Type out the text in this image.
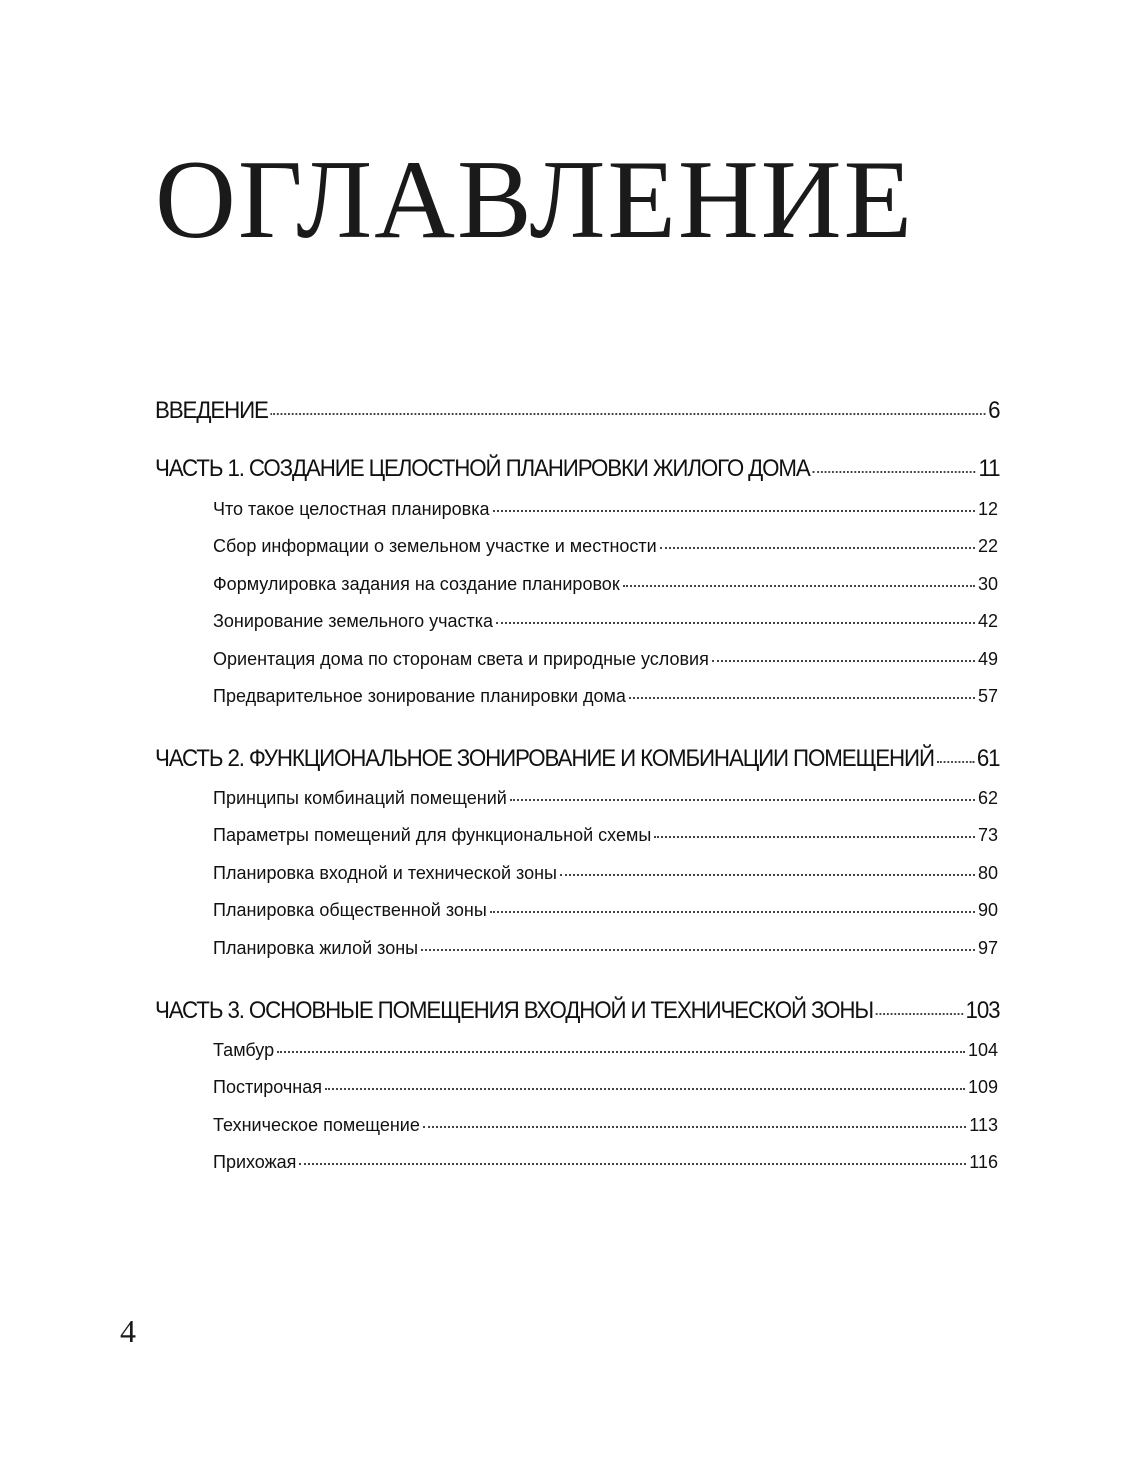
ОГЛАВЛЕНИЕ
ВВЕДЕНИЕ	6
ЧАСТЬ 1. СОЗДАНИЕ ЦЕЛОСТНОЙ ПЛАНИРОВКИ ЖИЛОГО ДОМА	11
Что такое целостная планировка	12
Сбор информации о земельном участке и местности	22
Формулировка задания на создание планировок	30
Зонирование земельного участка	42
Ориентация дома по сторонам света и природные условия	49
Предварительное зонирование планировки дома	57
ЧАСТЬ 2. ФУНКЦИОНАЛЬНОЕ ЗОНИРОВАНИЕ И КОМБИНАЦИИ ПОМЕЩЕНИЙ 61
Принципы комбинаций помещений	62
Параметры помещений для функциональной схемы	73
Планировка входной и технической зоны	80
Планировка общественной зоны	90
Планировка жилой зоны	97
ЧАСТЬ 3. ОСНОВНЫЕ ПОМЕЩЕНИЯ ВХОДНОЙ И ТЕХНИЧЕСКОЙ ЗОНЫ	103
Тамбур	104
Постирочная	109
Техническое помещение	113
Прихожая	116
4
